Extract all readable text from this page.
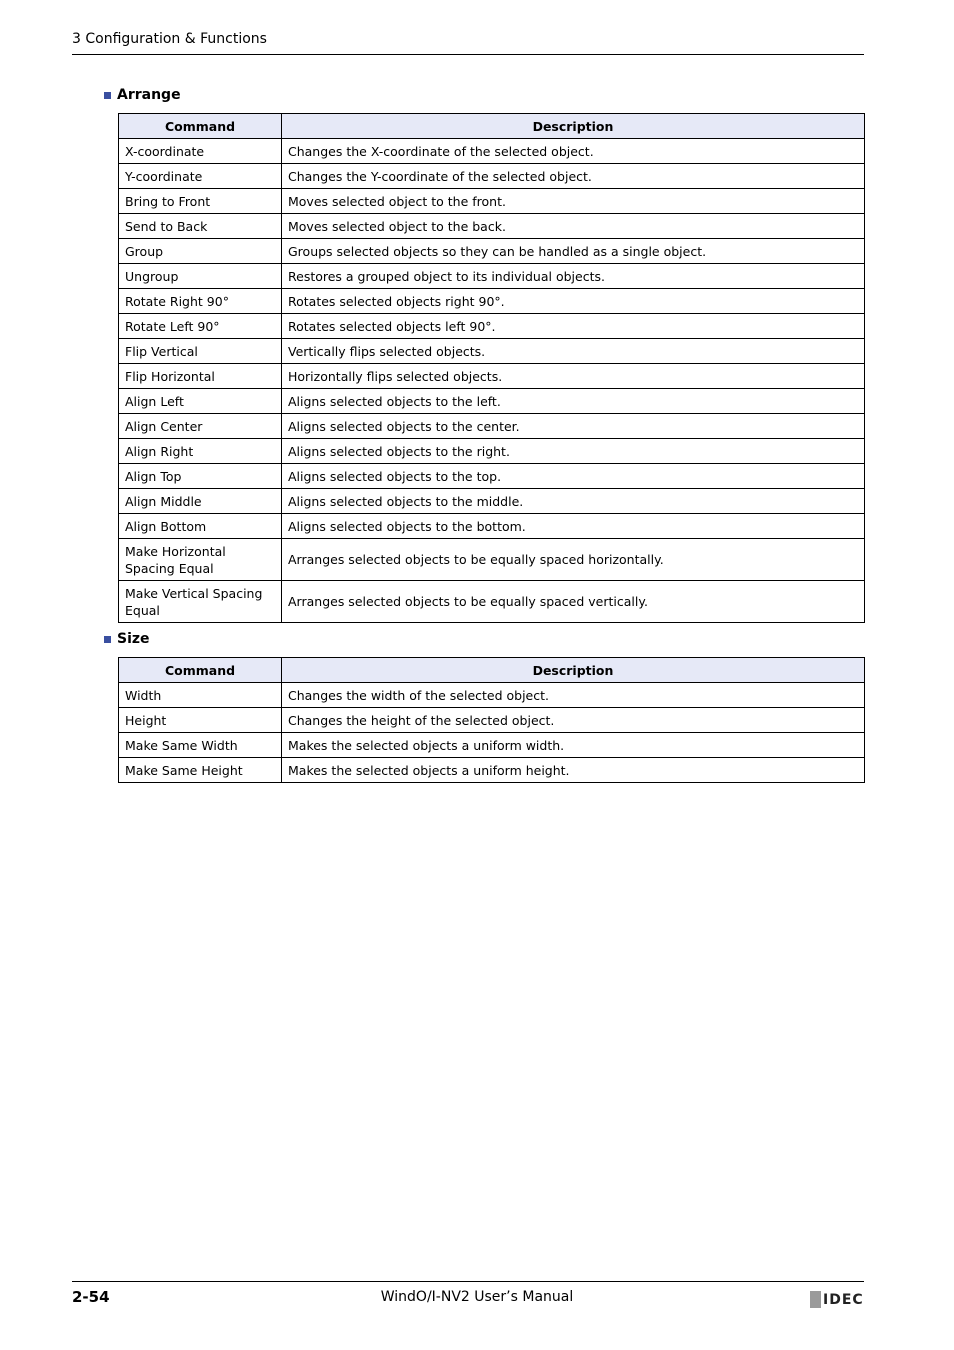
3 Configuration & Functions
Arrange
Command	Description
X-coordinate	Changes the X-coordinate of the selected object.
Y-coordinate	Changes the Y-coordinate of the selected object.
Bring to Front	Moves selected object to the front.
Send to Back	Moves selected object to the back.
Group	Groups selected objects so they can be handled as a single object.
Ungroup	Restores a grouped object to its individual objects.
Rotate Right 90°	Rotates selected objects right 90°.
Rotate Left 90°	Rotates selected objects left 90°.
Flip Vertical	Vertically flips selected objects.
Flip Horizontal	Horizontally flips selected objects.
Align Left	Aligns selected objects to the left.
Align Center	Aligns selected objects to the center.
Align Right	Aligns selected objects to the right.
Align Top	Aligns selected objects to the top.
Align Middle	Aligns selected objects to the middle.
Align Bottom	Aligns selected objects to the bottom.
Make Horizontal Spacing Equal	Arranges selected objects to be equally spaced horizontally.
Make Vertical Spacing Equal	Arranges selected objects to be equally spaced vertically.
Size
Command	Description
Width	Changes the width of the selected object.
Height	Changes the height of the selected object.
Make Same Width	Makes the selected objects a uniform width.
Make Same Height	Makes the selected objects a uniform height.
2-54	WindO/I-NV2 User’s Manual	IDEC
